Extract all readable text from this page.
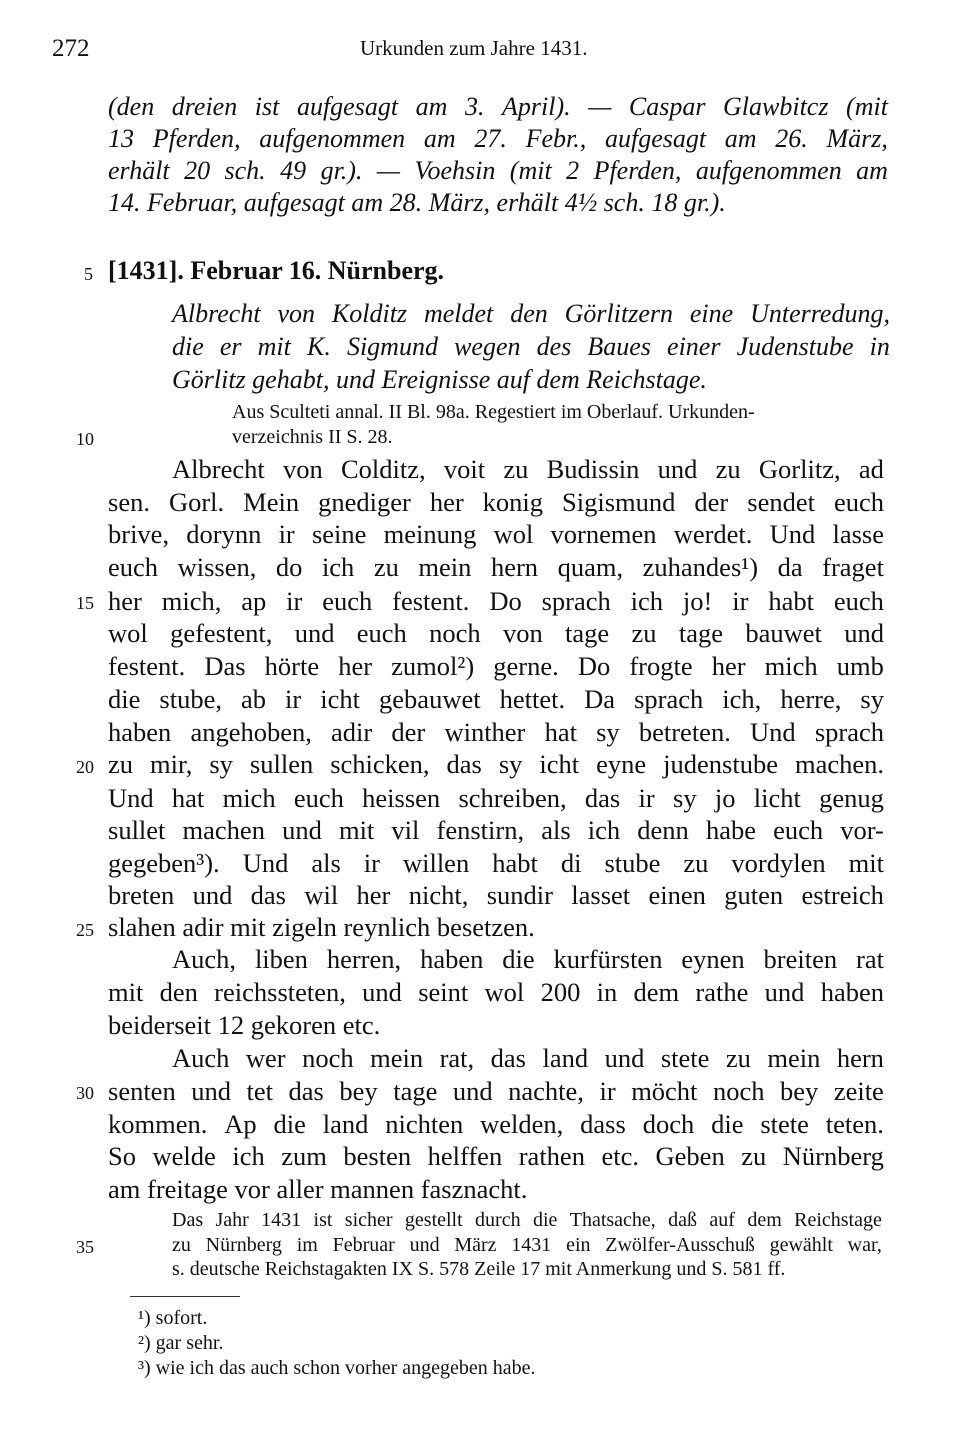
272	Urkunden zum Jahre 1431.
(den dreien ist aufgesagt am 3. April). — Caspar Glawbitcz (mit
13 Pferden, aufgenommen am 27. Febr., aufgesagt am 26. März,
erhält 20 sch. 49 gr.). — Voehsin (mit 2 Pferden, aufgenommen am
14. Februar, aufgesagt am 28. März, erhält 4½ sch. 18 gr.).
[1431]. Februar 16. Nürnberg.
Albrecht von Kolditz meldet den Görlitzern eine Unterredung,
die er mit K. Sigmund wegen des Baues einer Judenstube in
Görlitz gehabt, und Ereignisse auf dem Reichstage.
Aus Sculteti annal. II Bl. 98a. Regestiert im Oberlauf. Urkunden-
verzeichnis II S. 28.
Albrecht von Colditz, voit zu Budissin und zu Gorlitz, ad
sen. Gorl. Mein gnediger her konig Sigismund der sendet euch
brive, dorynn ir seine meinung wol vornemen werdet. Und lasse
euch wissen, do ich zu mein hern quam, zuhandes¹) da fraget
her mich, ap ir euch festent. Do sprach ich jo! ir habt euch
wol gefestent, und euch noch von tage zu tage bauwet und
festent. Das hörte her zumol²) gerne. Do frogte her mich umb
die stube, ab ir icht gebauwet hettet. Da sprach ich, herre, sy
haben angehoben, adir der winther hat sy betreten. Und sprach
zu mir, sy sullen schicken, das sy icht eyne judenstube machen.
Und hat mich euch heissen schreiben, das ir sy jo licht genug
sullet machen und mit vil fenstirn, als ich denn habe euch vor-
gegeben³). Und als ir willen habt di stube zu vordylen mit
breten und das wil her nicht, sundir lasset einen guten estreich
slahen adir mit zigeln reynlich besetzen.
Auch, liben herren, haben die kurfürsten eynen breiten rat
mit den reichssteten, und seint wol 200 in dem rathe und haben
beiderseit 12 gekoren etc.
Auch wer noch mein rat, das land und stete zu mein hern
senten und tet das bey tage und nachte, ir möcht noch bey zeite
kommen. Ap die land nichten welden, dass doch die stete teten.
So welde ich zum besten helffen rathen etc. Geben zu Nürnberg
am freitage vor aller mannen fasznacht.
Das Jahr 1431 ist sicher gestellt durch die Thatsache, daß auf dem Reichstage
zu Nürnberg im Februar und März 1431 ein Zwölfer-Ausschuß gewählt war,
s. deutsche Reichstagakten IX S. 578 Zeile 17 mit Anmerkung und S. 581 ff.
5
10
15
20
25
30
35
¹) sofort.
²) gar sehr.
³) wie ich das auch schon vorher angegeben habe.
